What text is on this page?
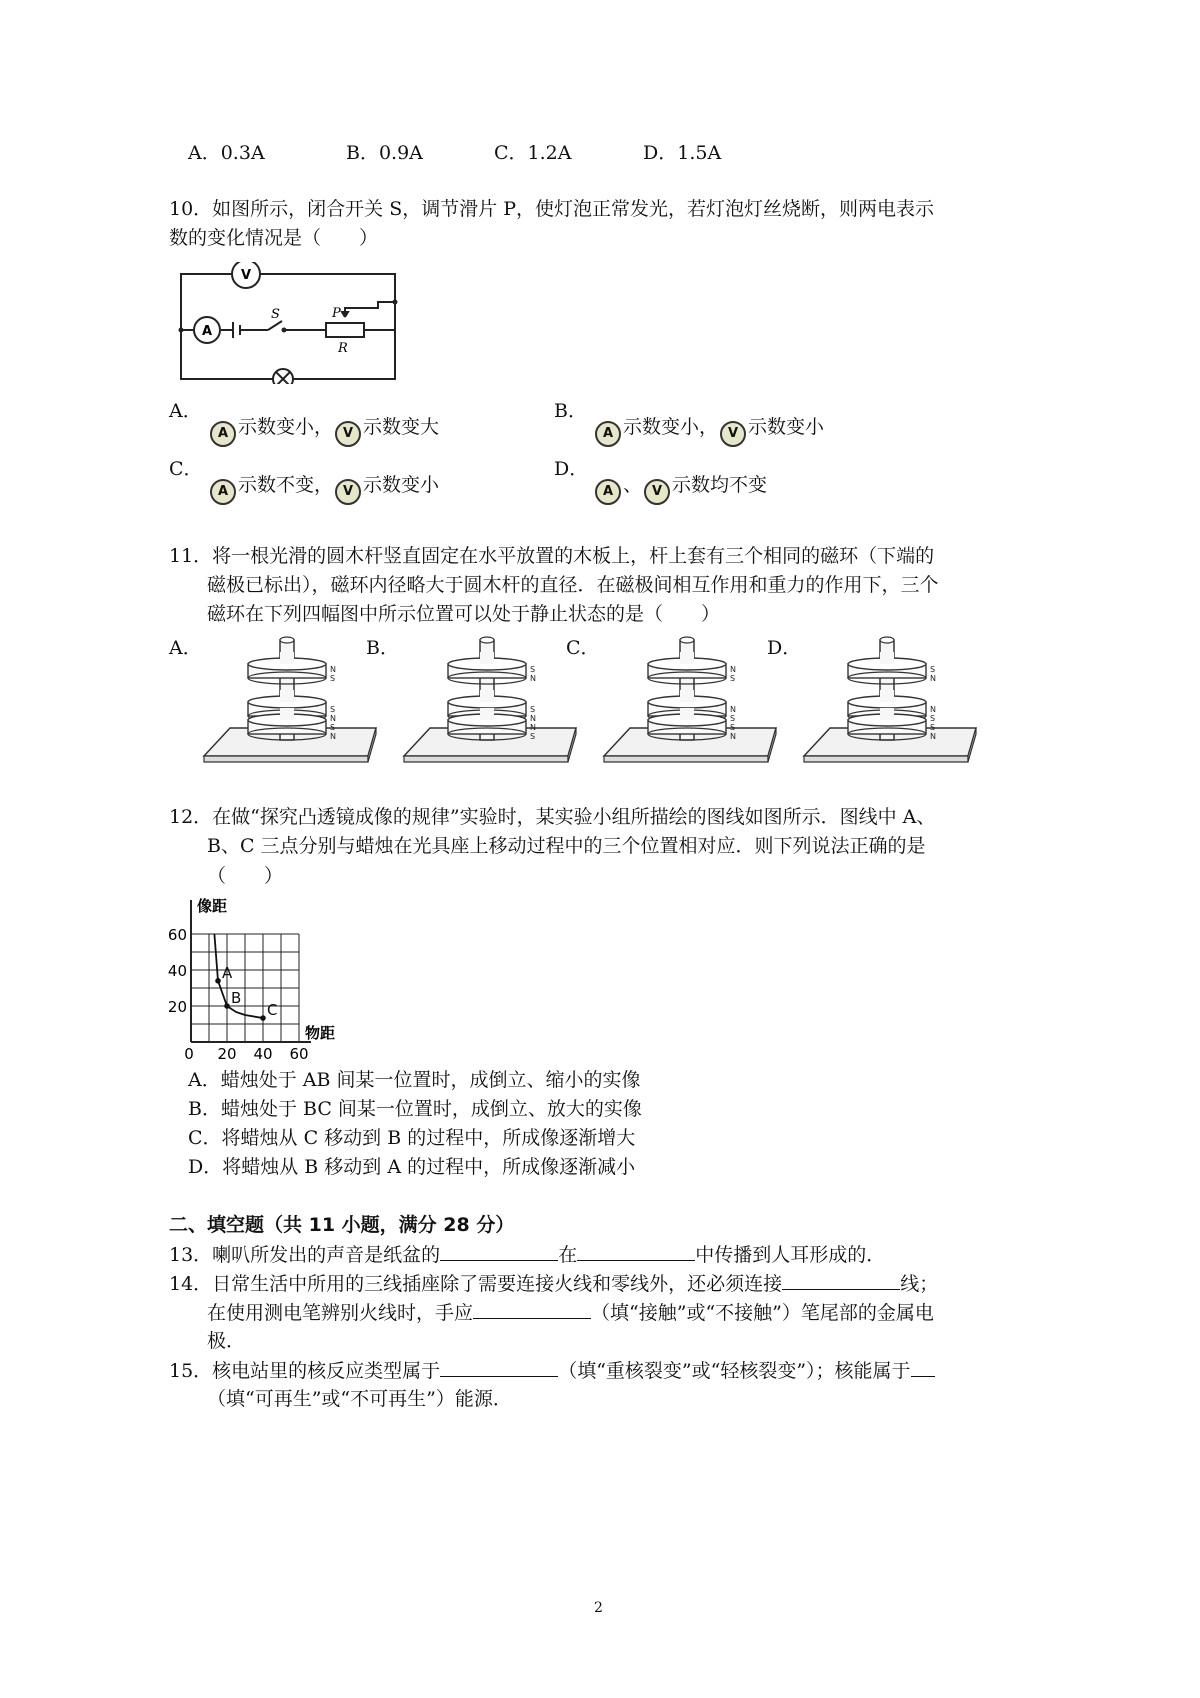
A．0.3A	B．0.9A	C．1.2A	D．1.5A
10．如图所示，闭合开关 S，调节滑片 P，使灯泡正常发光，若灯泡灯丝烧断，则两电表示
数的变化情况是（　　）
A
V
S	P
R
A．
A 示数变小， V 示数变大
B．
A 示数变小， V 示数变小
C．
A 示数不变， V 示数变小
D．
A 、 V 示数均不变
11．将一根光滑的圆木杆竖直固定在水平放置的木板上，杆上套有三个相同的磁环（下端的
磁极已标出），磁环内径略大于圆木杆的直径．在磁极间相互作用和重力的作用下，三个
磁环在下列四幅图中所示位置可以处于静止状态的是（　　）
A．	B．	C．	D．
N
S
S
N
S
N
S
N
S
N
N
S
N
S
N
S
S
N
S
N
N
S
S
N
12．在做“探究凸透镜成像的规律”实验时，某实验小组所描绘的图线如图所示．图线中 A、
B、C 三点分别与蜡烛在光具座上移动过程中的三个位置相对应．则下列说法正确的是
（　　）
A
B
C
20
40
60
0 20 40 60
像距
物距
A．蜡烛处于 AB 间某一位置时，成倒立、缩小的实像
B．蜡烛处于 BC 间某一位置时，成倒立、放大的实像
C．将蜡烛从 C 移动到 B 的过程中，所成像逐渐增大
D．将蜡烛从 B 移动到 A 的过程中，所成像逐渐减小
二、填空题（共 11 小题，满分 28 分）
13．喇叭所发出的声音是纸盆的	在	中传播到人耳形成的．
14．日常生活中所用的三线插座除了需要连接火线和零线外，还必须连接	线；
在使用测电笔辨别火线时，手应	（填“接触”或“不接触”）笔尾部的金属电
极．
15．核电站里的核反应类型属于	（填“重核裂变”或“轻核裂变”）；核能属于
（填“可再生”或“不可再生”）能源．
2
